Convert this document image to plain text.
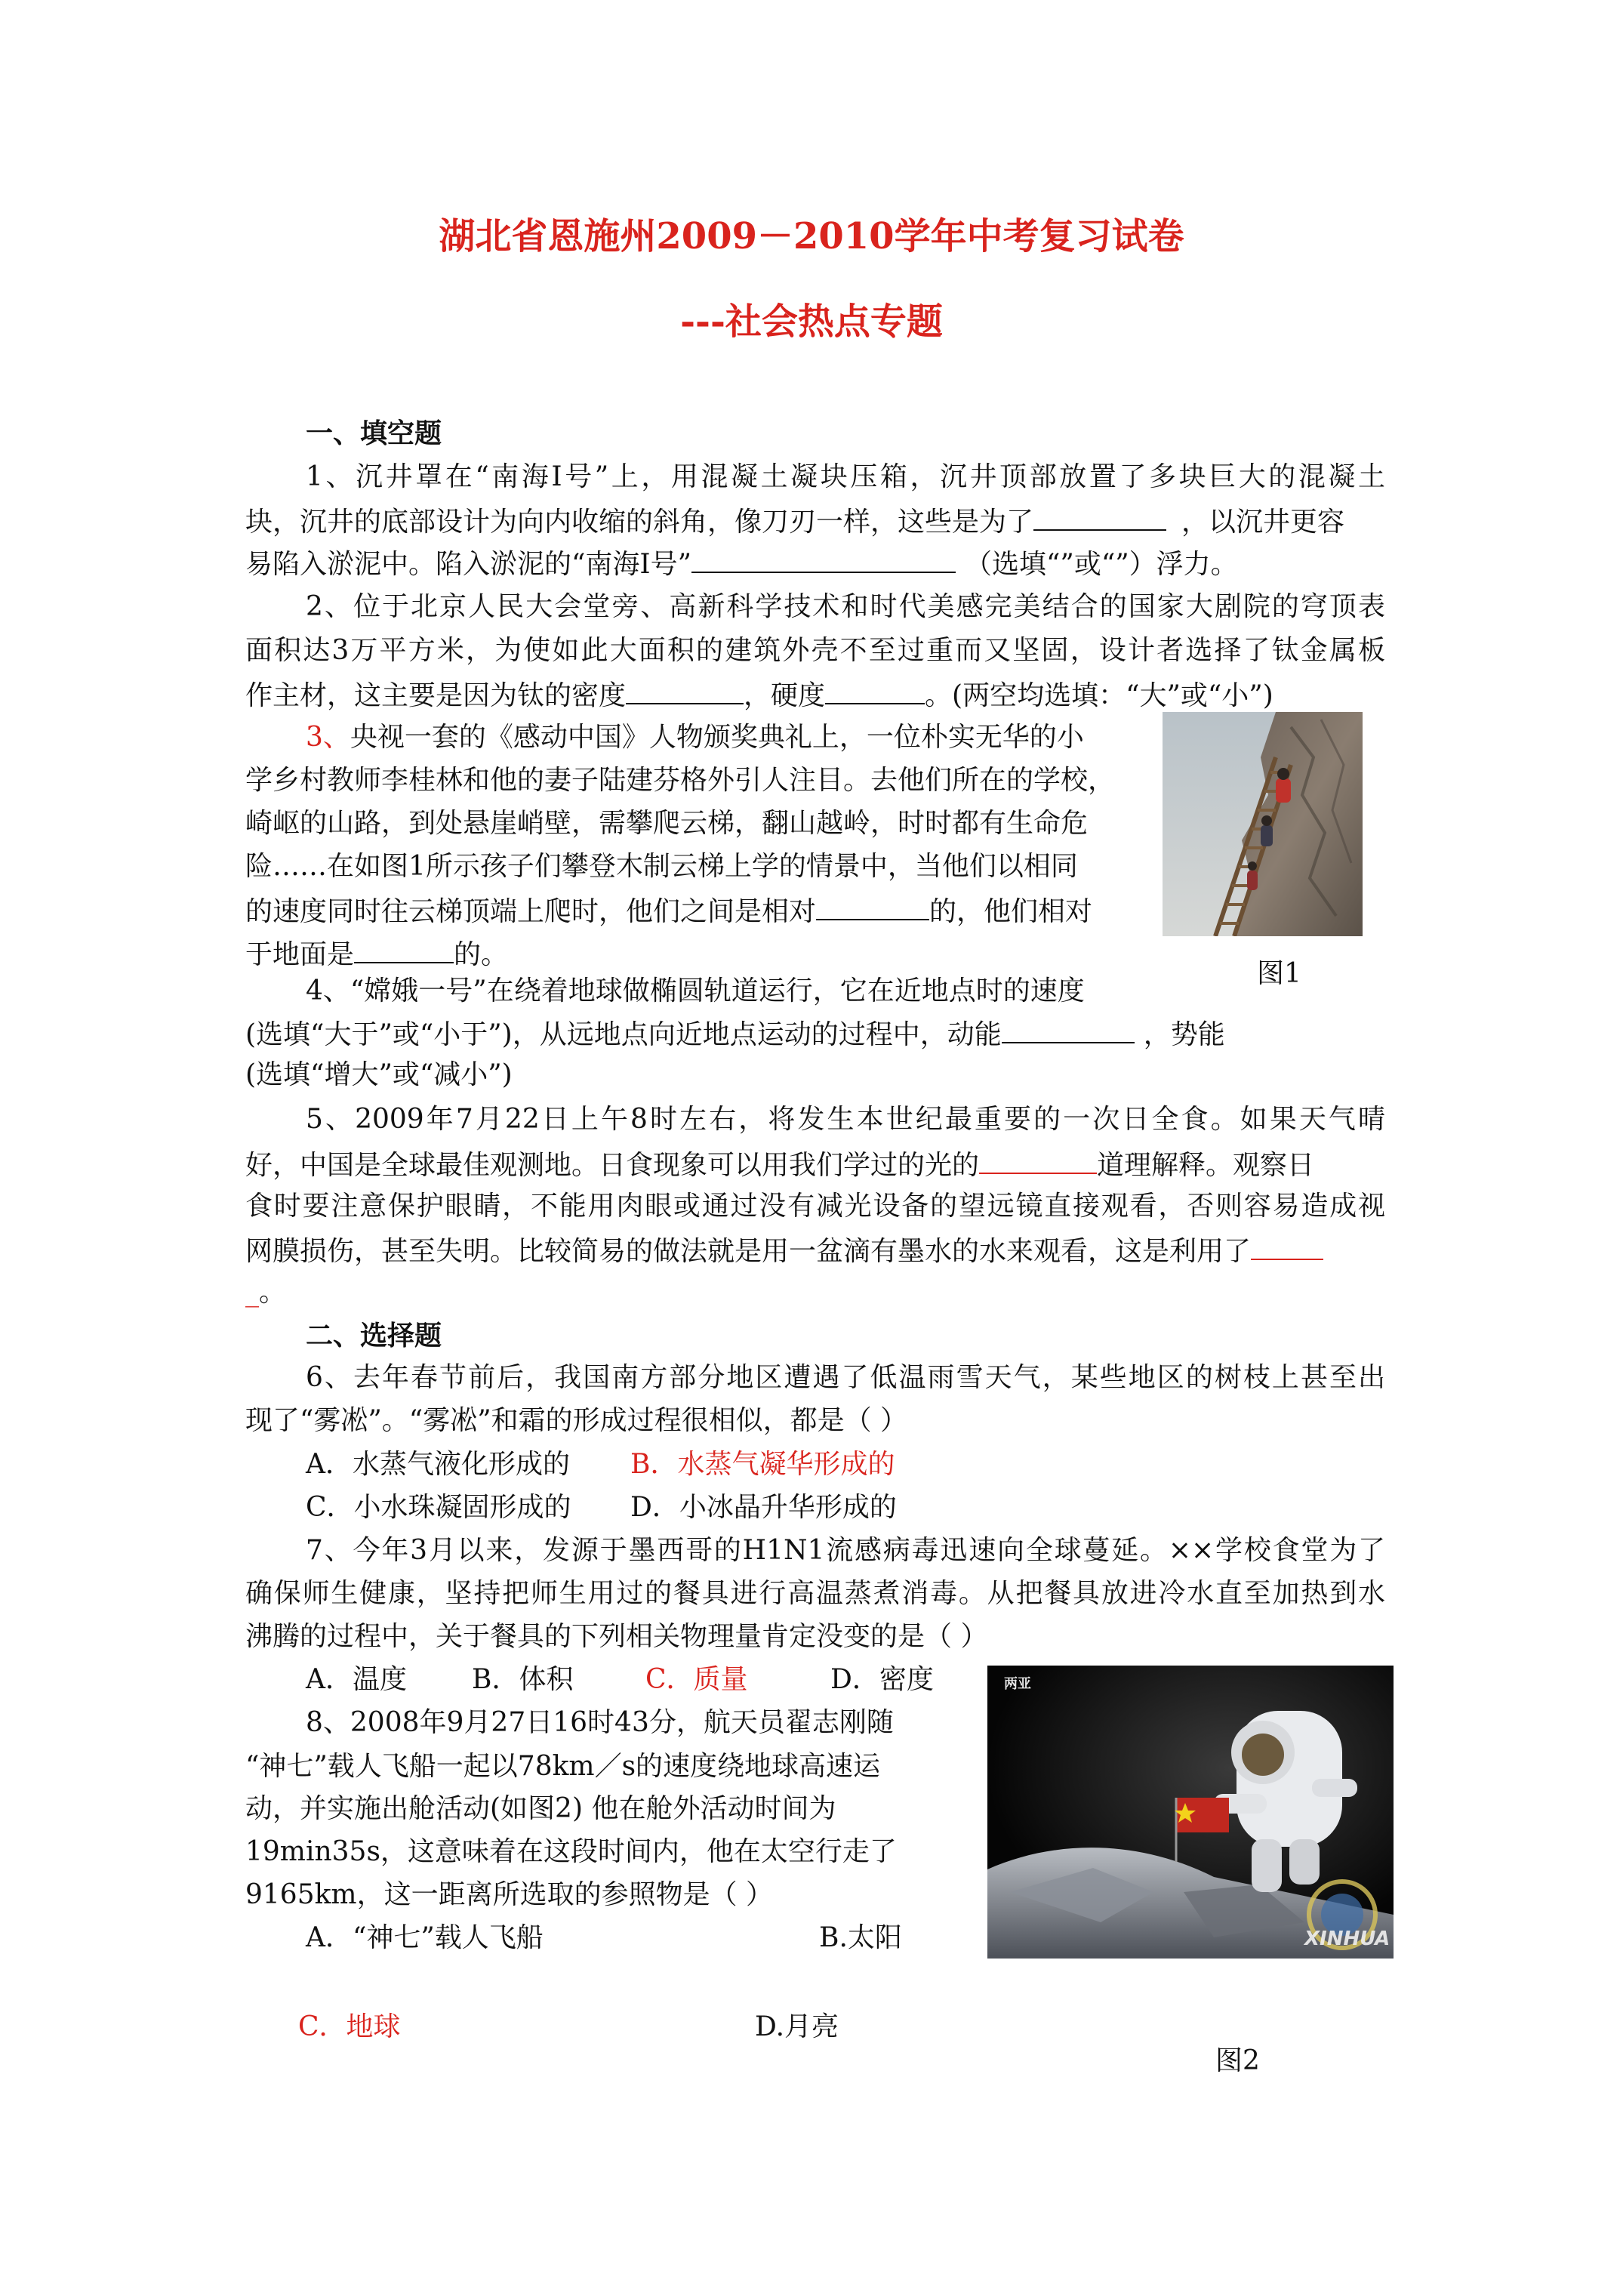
湖北省恩施州2009－2010学年中考复习试卷
---社会热点专题
一、填空题
1、沉井罩在“南海Ⅰ号”上，用混凝土凝块压箱，沉井顶部放置了多块巨大的混凝土
块，沉井的底部设计为向内收缩的斜角，像刀刃一样，这些是为了	，以沉井更容
易陷入淤泥中。陷入淤泥的“南海Ⅰ号”	（选填“”或“”）浮力。
2、位于北京人民大会堂旁、高新科学技术和时代美感完美结合的国家大剧院的穹顶表
面积达3万平方米，为使如此大面积的建筑外壳不至过重而又坚固，设计者选择了钛金属板
作主材，这主要是因为钛的密度	，硬度	。(两空均选填：“大”或“小”)
3、央视一套的《感动中国》人物颁奖典礼上，一位朴实无华的小
学乡村教师李桂林和他的妻子陆建芬格外引人注目。去他们所在的学校，
崎岖的山路，到处悬崖峭壁，需攀爬云梯，翻山越岭，时时都有生命危
险……在如图1所示孩子们攀登木制云梯上学的情景中，当他们以相同
的速度同时往云梯顶端上爬时，他们之间是相对	的，他们相对
于地面是	的。
图1
4、“嫦娥一号”在绕着地球做椭圆轨道运行，它在近地点时的速度
(选填“大于”或“小于”)，从远地点向近地点运动的过程中，动能	，势能
(选填“增大”或“减小”)
5、2009年7月22日上午8时左右，将发生本世纪最重要的一次日全食。如果天气晴
好，中国是全球最佳观测地。日食现象可以用我们学过的光的	道理解释。观察日
食时要注意保护眼睛，不能用肉眼或通过没有减光设备的望远镜直接观看，否则容易造成视
网膜损伤，甚至失明。比较简易的做法就是用一盆滴有墨水的水来观看，这是利用了
_。
二、选择题
6、去年春节前后，我国南方部分地区遭遇了低温雨雪天气，某些地区的树枝上甚至出
现了“雾凇”。“雾凇”和霜的形成过程很相似，都是（ ）
A．水蒸气液化形成的 B．水蒸气凝华形成的
C．小水珠凝固形成的 D．小冰晶升华形成的
7、今年3月以来，发源于墨西哥的H1N1流感病毒迅速向全球蔓延。××学校食堂为了
确保师生健康，坚持把师生用过的餐具进行高温蒸煮消毒。从把餐具放进冷水直至加热到水
沸腾的过程中，关于餐具的下列相关物理量肯定没变的是（ ）
A．温度 B．体积	C．质量	D．密度
8、2008年9月27日16时43分，航天员翟志刚随
“神七”载人飞船一起以78km／s的速度绕地球高速运
动，并实施出舱活动(如图2) 他在舱外活动时间为
19min35s，这意味着在这段时间内，他在太空行走了
9165km，这一距离所选取的参照物是（ ）
A．“神七”载人飞船	B.太阳
C．地球	D.月亮
两亚
XINHUA
图2
